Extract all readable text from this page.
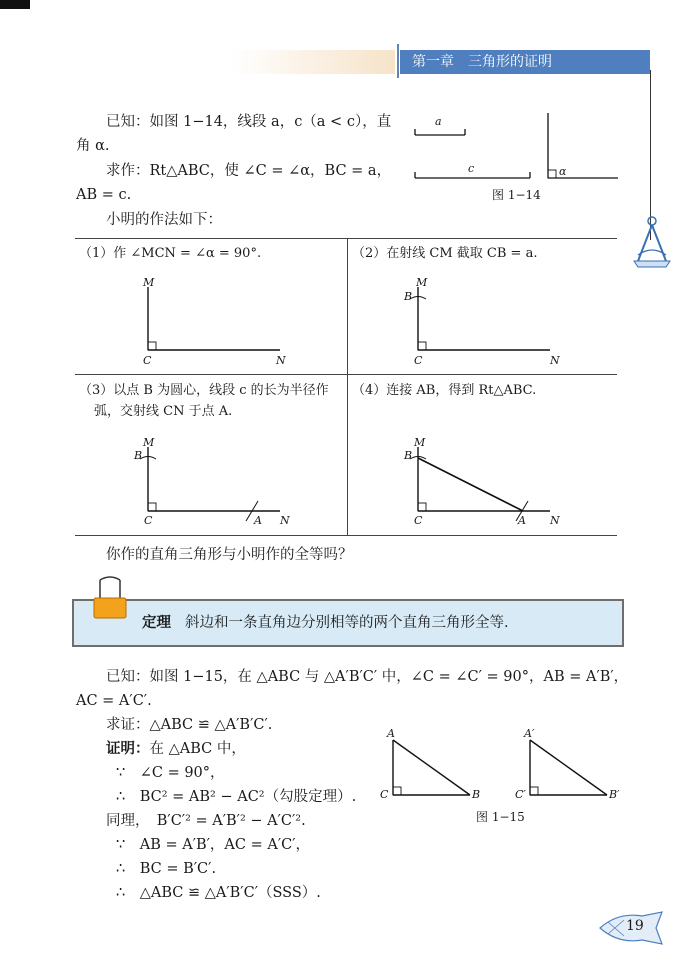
第一章　三角形的证明
已知：如图 1−14，线段 a，c（a < c），直
角 α.
求作：Rt△ABC，使 ∠C = ∠α，BC = a，
AB = c.
小明的作法如下：
a
c	α
图 1−14
（1）作 ∠MCN = ∠α = 90°.	（2）在射线 CM 截取 CB = a.
（3）以点 B 为圆心，线段 c 的长为半径作
弧，交射线 CN 于点 A.
（4）连接 AB，得到 Rt△ABC.
M
C	N
M
B
C	N
M
B
C	A N
M
B
C	A N
你作的直角三角形与小明作的全等吗？
定理 斜边和一条直角边分别相等的两个直角三角形全等.
已知：如图 1−15，在 △ABC 与 △A′B′C′ 中，∠C = ∠C′ = 90°，AB = A′B′，
AC = A′C′.
求证：△ABC ≌ △A′B′C′.
证明：在 △ABC 中，
∵　∠C = 90°，
∴　BC² = AB² − AC²（勾股定理）.
同理，　B′C′² = A′B′² − A′C′².
∵　AB = A′B′，AC = A′C′，
∴　BC = B′C′.
∴　△ABC ≌ △A′B′C′（SSS）.
A
C	B
A′
C′	B′
图 1−15
19
